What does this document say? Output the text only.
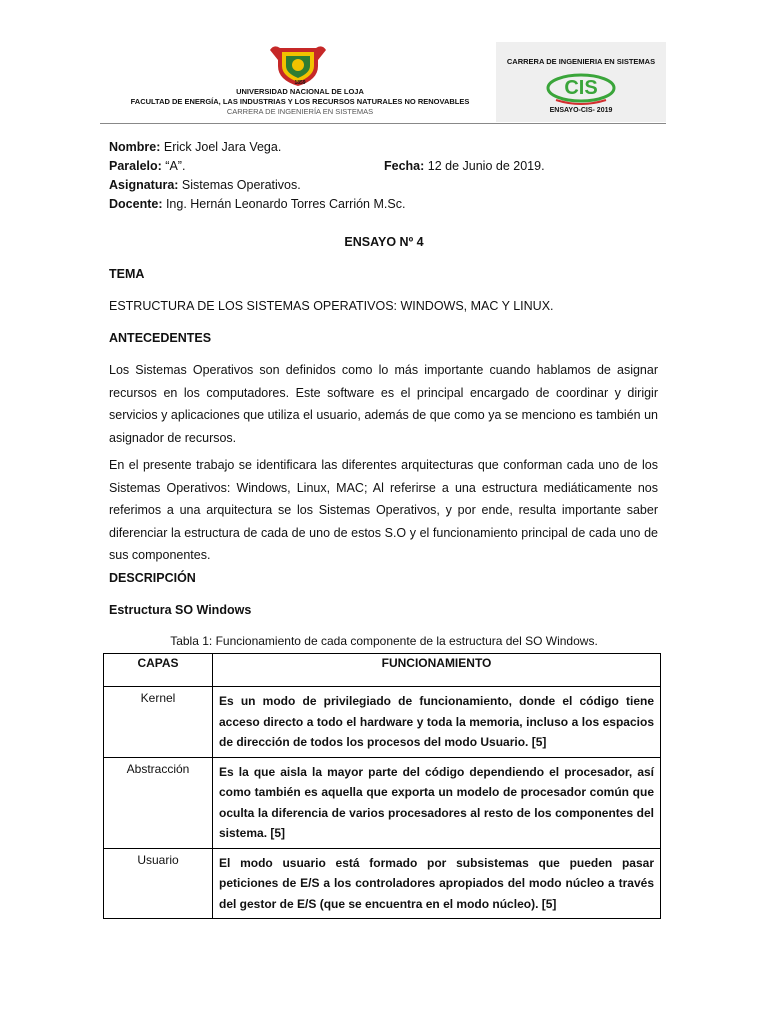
1859
UNIVERSIDAD NACIONAL DE LOJA
FACULTAD DE ENERGÍA, LAS INDUSTRIAS Y LOS RECURSOS NATURALES NO RENOVABLES
CARRERA DE INGENIERÍA EN SISTEMAS
CARRERA DE INGENIERIA EN SISTEMAS
CIS
ENSAYO-CIS- 2019
Nombre: Erick Joel Jara Vega.
Paralelo: “A”.	Fecha: 12 de Junio de 2019.
Asignatura: Sistemas Operativos.
Docente: Ing. Hernán Leonardo Torres Carrión M.Sc.
ENSAYO Nº 4
TEMA
ESTRUCTURA DE LOS SISTEMAS OPERATIVOS: WINDOWS, MAC Y LINUX.
ANTECEDENTES
Los Sistemas Operativos son definidos como lo más importante cuando hablamos de asignar recursos en los computadores. Este software es el principal encargado de coordinar y dirigir servicios y aplicaciones que utiliza el usuario, además de que como ya se menciono es también un asignador de recursos.
En el presente trabajo se identificara las diferentes arquitecturas que conforman cada uno de los Sistemas Operativos: Windows, Linux, MAC; Al referirse a una estructura mediáticamente nos referimos a una arquitectura se los Sistemas Operativos, y por ende, resulta importante saber diferenciar la estructura de cada de uno de estos S.O y el funcionamiento principal de cada uno de sus componentes.
DESCRIPCIÓN
Estructura SO Windows
Tabla 1: Funcionamiento de cada componente de la estructura del SO Windows.
CAPAS	FUNCIONAMIENTO
Kernel	Es un modo de privilegiado de funcionamiento, donde el código tiene acceso directo a todo el hardware y toda la memoria, incluso a los espacios de dirección de todos los procesos del modo Usuario. [5]
Abstracción	Es la que aisla la mayor parte del código dependiendo el procesador, así como también es aquella que exporta un modelo de procesador común que oculta la diferencia de varios procesadores al resto de los componentes del sistema. [5]
Usuario	El modo usuario está formado por subsistemas que pueden pasar peticiones de E/S a los controladores apropiados del modo núcleo a través del gestor de E/S (que se encuentra en el modo núcleo). [5]
